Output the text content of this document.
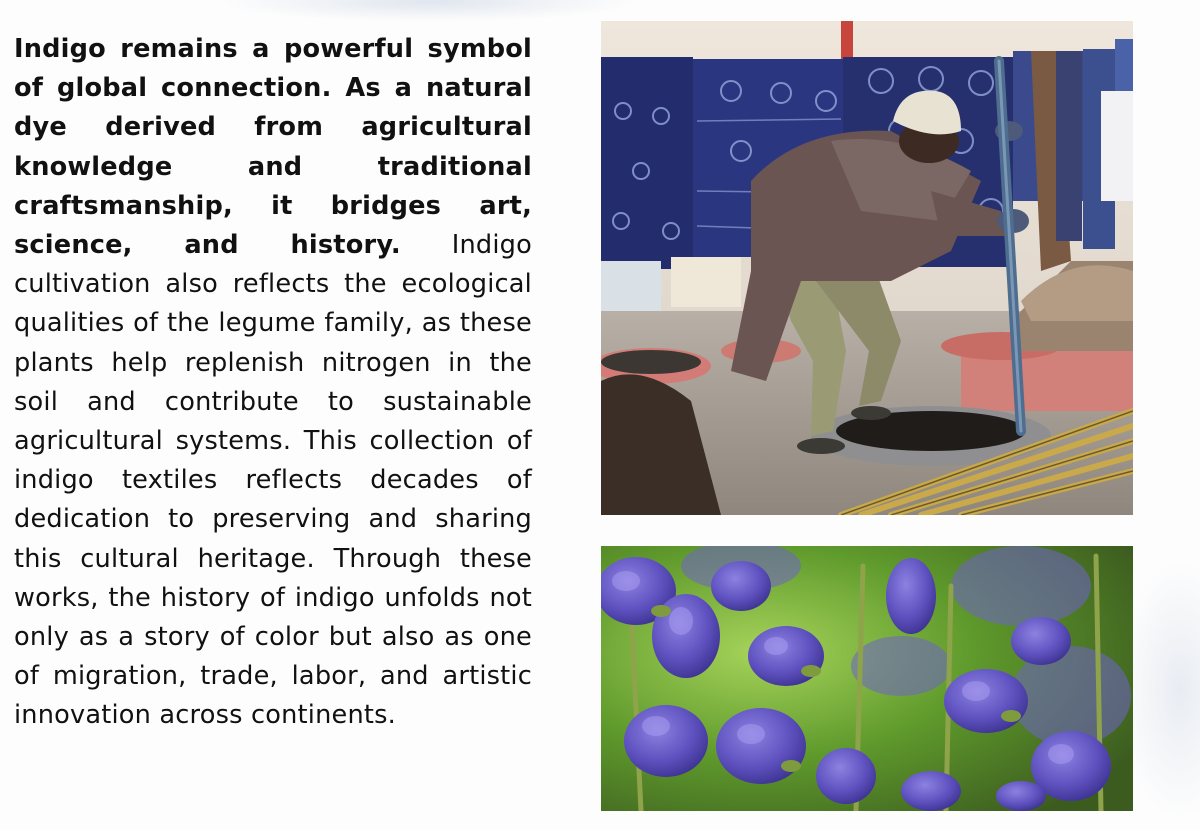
Indigo remains a powerful symbol of global connection. As a natural dye derived from agricultural knowledge and traditional craftsmanship, it bridges art, science, and history. Indigo cultivation also reflects the ecological qualities of the legume family, as these plants help replenish nitrogen in the soil and contribute to sustainable agricultural systems. This collection of indigo textiles reflects decades of dedication to preserving and sharing this cultural heritage. Through these works, the history of indigo unfolds not only as a story of color but also as one of migration, trade, labor, and artistic innovation across continents.
